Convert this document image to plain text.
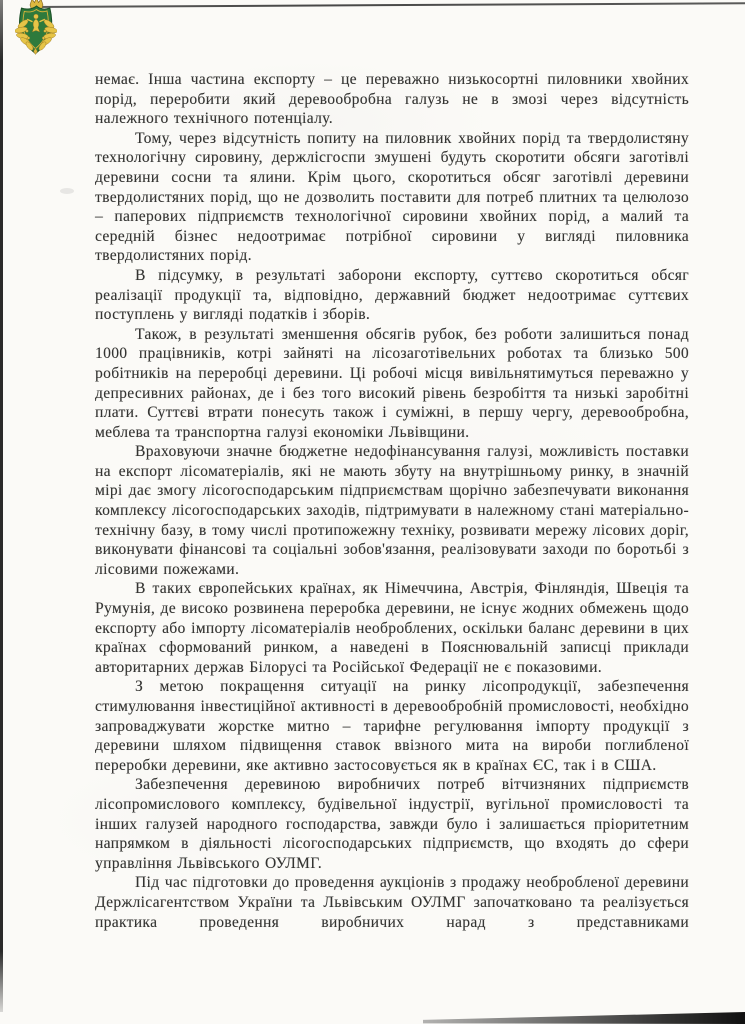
немає. Інша частина експорту – це переважно низькосортні пиловники хвойних порід, переробити який деревообробна галузь не в змозі через відсутність належного технічного потенціалу.

Тому, через відсутність попиту на пиловник хвойних порід та твердолистяну технологічну сировину, держлісгоспи змушені будуть скоротити обсяги заготівлі деревини сосни та ялини. Крім цього, скоротиться обсяг заготівлі деревини твердолистяних порід, що не дозволить поставити для потреб плитних та целюлозо – паперових підприємств технологічної сировини хвойних порід, а малий та середній бізнес недоотримає потрібної сировини у вигляді пиловника твердолистяних порід.

В підсумку, в результаті заборони експорту, суттєво скоротиться обсяг реалізації продукції та, відповідно, державний бюджет недоотримає суттєвих поступлень у вигляді податків і зборів.

Також, в результаті зменшення обсягів рубок, без роботи залишиться понад 1000 працівників, котрі зайняті на лісозаготівельних роботах та близько 500 робітників на переробці деревини. Ці робочі місця вивільнятимуться переважно у депресивних районах, де і без того високий рівень безробіття та низькі заробітні плати. Суттєві втрати понесуть також і суміжні, в першу чергу, деревообробна, меблева та транспортна галузі економіки Львівщини.

Враховуючи значне бюджетне недофінансування галузі, можливість поставки на експорт лісоматеріалів, які не мають збуту на внутрішньому ринку, в значній мірі дає змогу лісогосподарським підприємствам щорічно забезпечувати виконання комплексу лісогосподарських заходів, підтримувати в належному стані матеріально-технічну базу, в тому числі протипожежну техніку, розвивати мережу лісових доріг, виконувати фінансові та соціальні зобов'язання, реалізовувати заходи по боротьбі з лісовими пожежами.

В таких європейських країнах, як Німеччина, Австрія, Фінляндія, Швеція та Румунія, де високо розвинена переробка деревини, не існує жодних обмежень щодо експорту або імпорту лісоматеріалів необроблених, оскільки баланс деревини в цих країнах сформований ринком, а наведені в Пояснювальній записці приклади авторитарних держав Білорусі та Російської Федерації не є показовими.

З метою покращення ситуації на ринку лісопродукції, забезпечення стимулювання інвестиційної активності в деревообробній промисловості, необхідно запроваджувати жорстке митно – тарифне регулювання імпорту продукції з деревини шляхом підвищення ставок ввізного мита на вироби поглибленої переробки деревини, яке активно застосовується як в країнах ЄС, так і в США.

Забезпечення деревиною виробничих потреб вітчизняних підприємств лісопромислового комплексу, будівельної індустрії, вугільної промисловості та інших галузей народного господарства, завжди було і залишається пріоритетним напрямком в діяльності лісогосподарських підприємств, що входять до сфери управління Львівського ОУЛМГ.

Під час підготовки до проведення аукціонів з продажу необробленої деревини Держлісагентством України та Львівським ОУЛМГ започатковано та реалізується практика проведення виробничих нарад з представниками
